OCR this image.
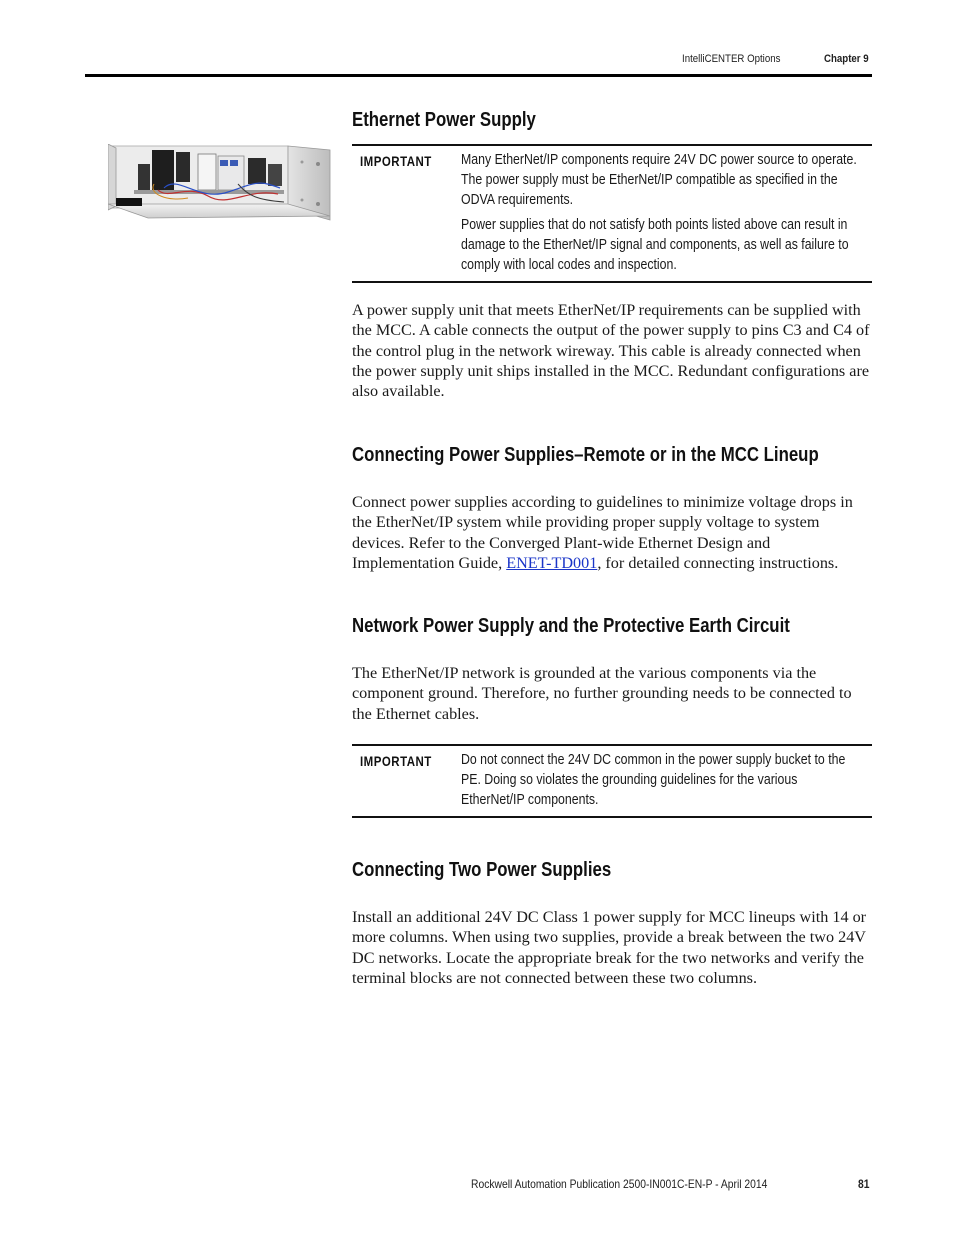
IntelliCENTER Options	Chapter 9
Ethernet Power Supply
IMPORTANT Many EtherNet/IP components require 24V DC power source to operate. The power supply must be EtherNet/IP compatible as specified in the ODVA requirements.

Power supplies that do not satisfy both points listed above can result in damage to the EtherNet/IP signal and components, as well as failure to comply with local codes and inspection.

A power supply unit that meets EtherNet/IP requirements can be supplied with the MCC. A cable connects the output of the power supply to pins C3 and C4 of the control plug in the network wireway. This cable is already connected when the power supply unit ships installed in the MCC. Redundant configurations are also available.

Connecting Power Supplies–Remote or in the MCC Lineup

Connect power supplies according to guidelines to minimize voltage drops in the EtherNet/IP system while providing proper supply voltage to system devices. Refer to the Converged Plant-wide Ethernet Design and Implementation Guide, ENET-TD001, for detailed connecting instructions.

Network Power Supply and the Protective Earth Circuit

The EtherNet/IP network is grounded at the various components via the component ground. Therefore, no further grounding needs to be connected to the Ethernet cables.

IMPORTANT Do not connect the 24V DC common in the power supply bucket to the PE. Doing so violates the grounding guidelines for the various EtherNet/IP components.

Connecting Two Power Supplies

Install an additional 24V DC Class 1 power supply for MCC lineups with 14 or more columns. When using two supplies, provide a break between the two 24V DC networks. Locate the appropriate break for the two networks and verify the terminal blocks are not connected between these two columns.

Rockwell Automation Publication 2500-IN001C-EN-P - April 2014	81
